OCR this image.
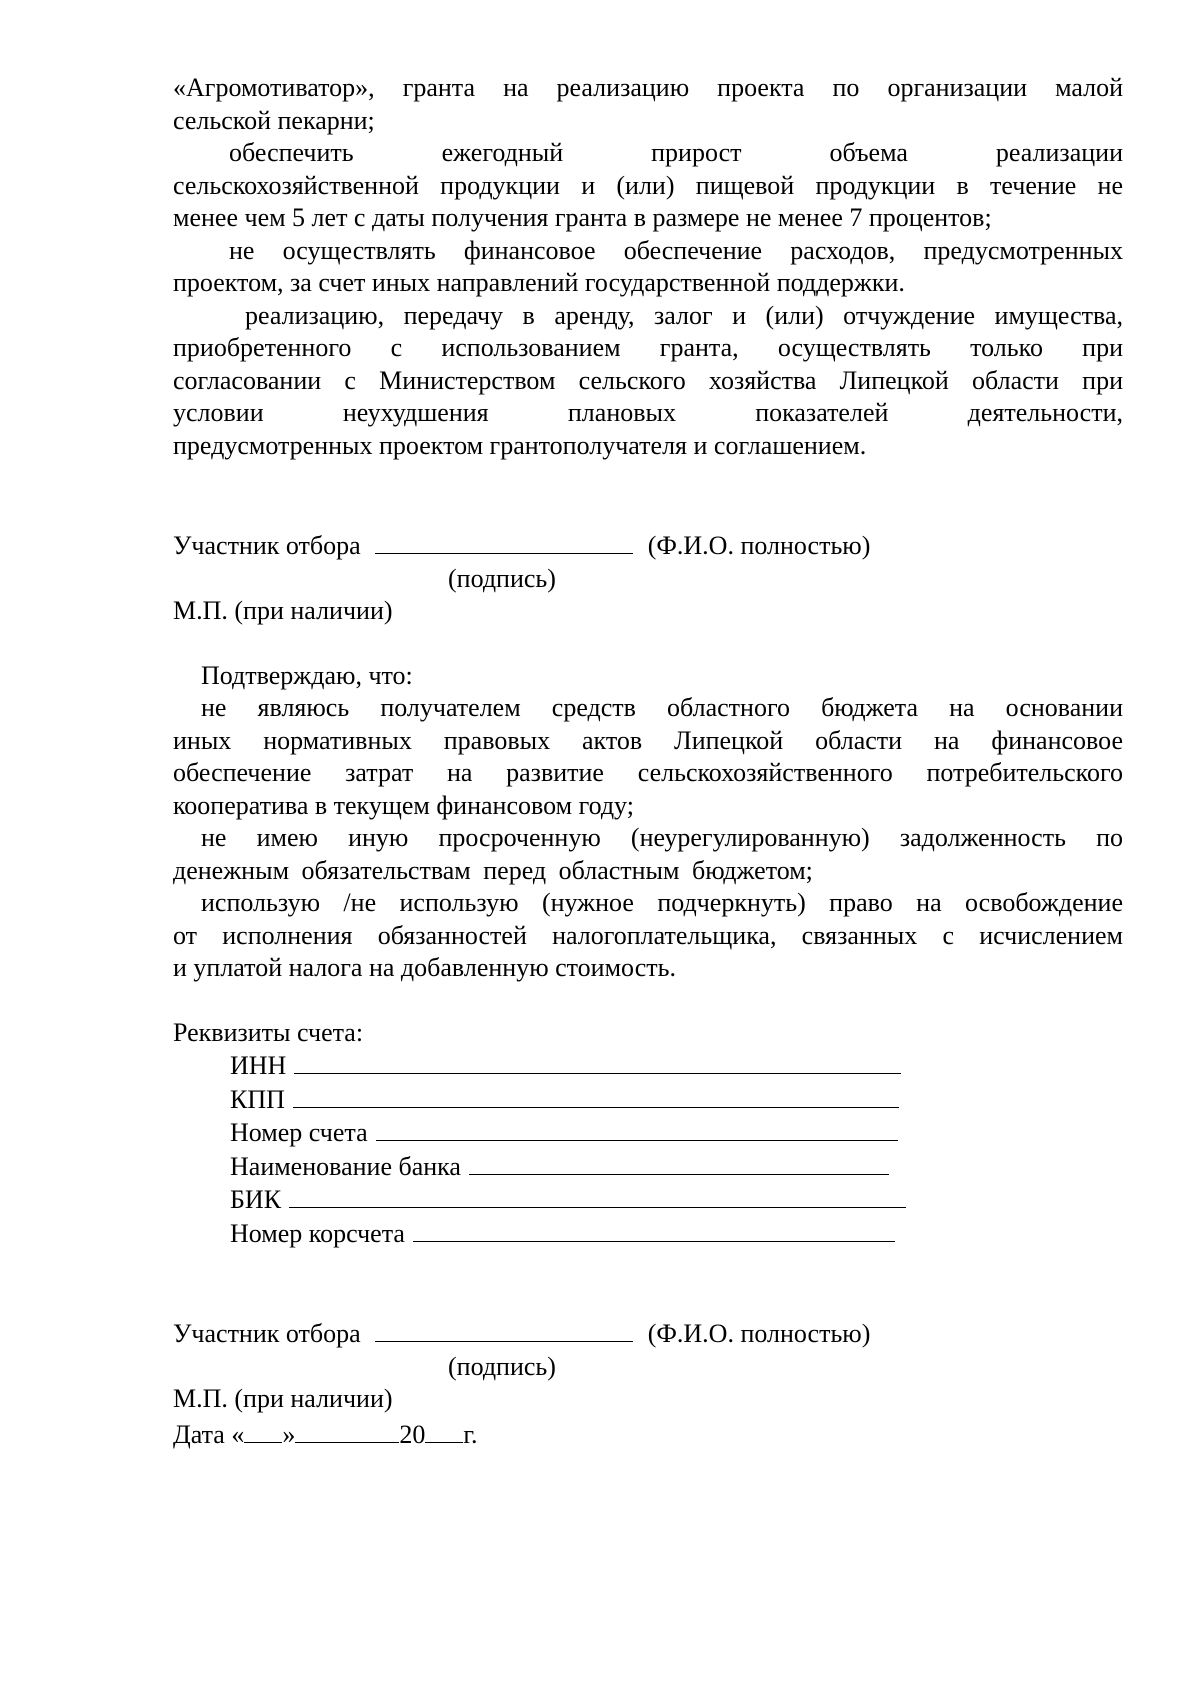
«Агромотиватор», гранта на реализацию проекта по организации малой
сельской пекарни;
обеспечить	ежегодный	прирост	объема	реализации
сельскохозяйственной продукции и (или) пищевой продукции в течение не
менее чем 5 лет с даты получения гранта в размере не менее 7 процентов;
не осуществлять финансовое обеспечение расходов, предусмотренных
проектом, за счет иных направлений государственной поддержки.
реализацию, передачу в аренду, залог и (или) отчуждение имущества,
приобретенного с использованием гранта, осуществлять только при
согласовании с Министерством сельского хозяйства Липецкой области при
условии	неухудшения	плановых	показателей	деятельности,
предусмотренных проектом грантополучателя и соглашением.
Участник отбора	(Ф.И.О. полностью)
(подпись)
М.П. (при наличии)
Подтверждаю, что:
не являюсь получателем средств областного бюджета на основании
иных нормативных правовых актов Липецкой области на финансовое
обеспечение затрат на развитие сельскохозяйственного потребительского
кооператива в текущем финансовом году;
не имею иную просроченную (неурегулированную) задолженность по
денежным обязательствам перед областным бюджетом;
использую /не использую (нужное подчеркнуть) право на освобождение
от исполнения обязанностей налогоплательщика, связанных с исчислением
и уплатой налога на добавленную стоимость.
Реквизиты счета:
ИНН
КПП
Номер счета
Наименование банка
БИК
Номер корсчета
Участник отбора	(Ф.И.О. полностью)
(подпись)
М.П. (при наличии)
Дата « »	20 г.
